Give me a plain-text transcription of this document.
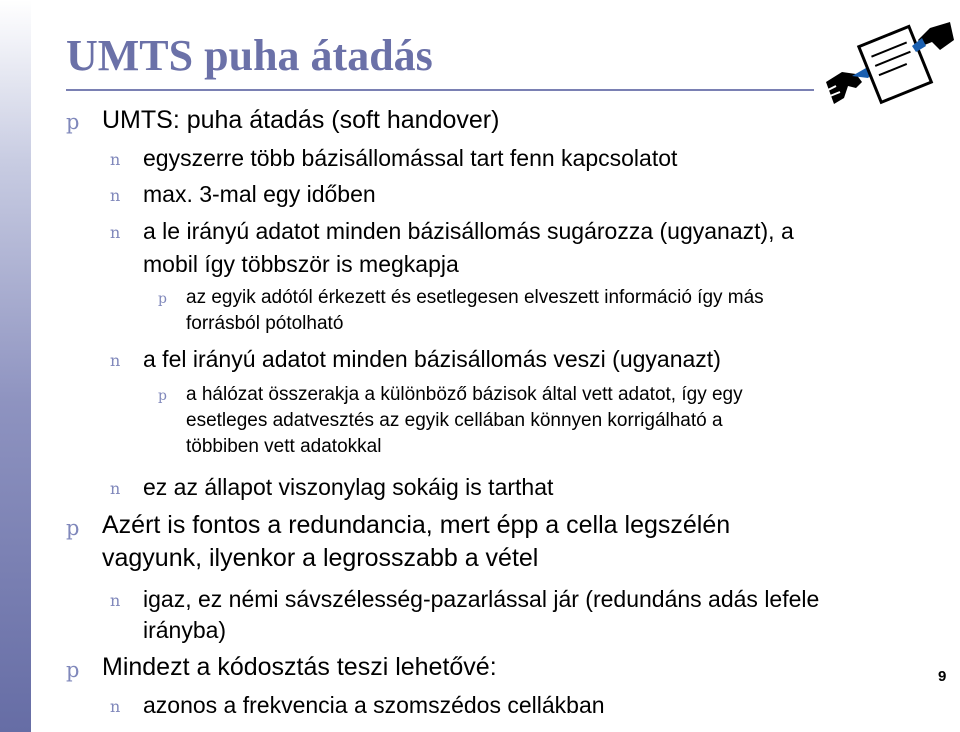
UMTS puha átadás
p UMTS: puha átadás (soft handover)
n egyszerre több bázisállomással tart fenn kapcsolatot
n max. 3-mal egy időben
n a le irányú adatot minden bázisállomás sugározza (ugyanazt), a
mobil így többször is megkapja
p az egyik adótól érkezett és esetlegesen elveszett információ így más
forrásból pótolható
n a fel irányú adatot minden bázisállomás veszi (ugyanazt)
p a hálózat összerakja a különböző bázisok által vett adatot, így egy
esetleges adatvesztés az egyik cellában könnyen korrigálható a
többiben vett adatokkal
n ez az állapot viszonylag sokáig is tarthat
p Azért is fontos a redundancia, mert épp a cella legszélén
vagyunk, ilyenkor a legrosszabb a vétel
n igaz, ez némi sávszélesség-pazarlással jár (redundáns adás lefele
irányba)
p Mindezt a kódosztás teszi lehetővé:
n azonos a frekvencia a szomszédos cellákban
9
